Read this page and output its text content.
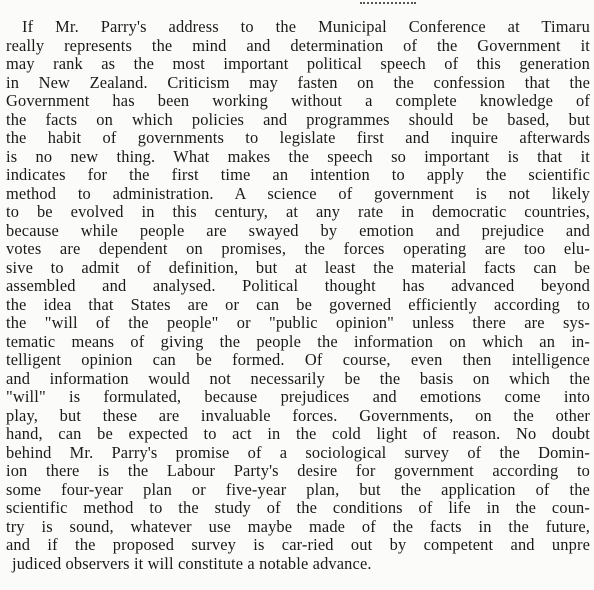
If Mr. Parry's address to the Municipal Conference at Timaru
really represents the mind and determination of the Government it
may rank as the most important political speech of this generation
in New Zealand. Criticism may fasten on the confession that the
Government has been working without a complete knowledge of
the facts on which policies and programmes should be based, but
the habit of governments to legislate first and inquire afterwards
is no new thing. What makes the speech so important is that it
indicates for the first time an intention to apply the scientific
method to administration. A science of government is not likely
to be evolved in this century, at any rate in democratic countries,
because while people are swayed by emotion and prejudice and
votes are dependent on promises, the forces operating are too elu-
sive to admit of definition, but at least the material facts can be
assembled and analysed. Political thought has advanced beyond
the idea that States are or can be governed efficiently according to
the "will of the people" or "public opinion" unless there are sys-
tematic means of giving the people the information on which an in-
telligent opinion can be formed. Of course, even then intelligence
and information would not necessarily be the basis on which the
"will" is formulated, because prejudices and emotions come into
play, but these are invaluable forces. Governments, on the other
hand, can be expected to act in the cold light of reason. No doubt
behind Mr. Parry's promise of a sociological survey of the Domin-
ion there is the Labour Party's desire for government according to
some four-year plan or five-year plan, but the application of the
scientific method to the study of the conditions of life in the coun-
try is sound, whatever use maybe made of the facts in the future,
and if the proposed survey is car-ried out by competent and unpre
judiced observers it will constitute a notable advance.
